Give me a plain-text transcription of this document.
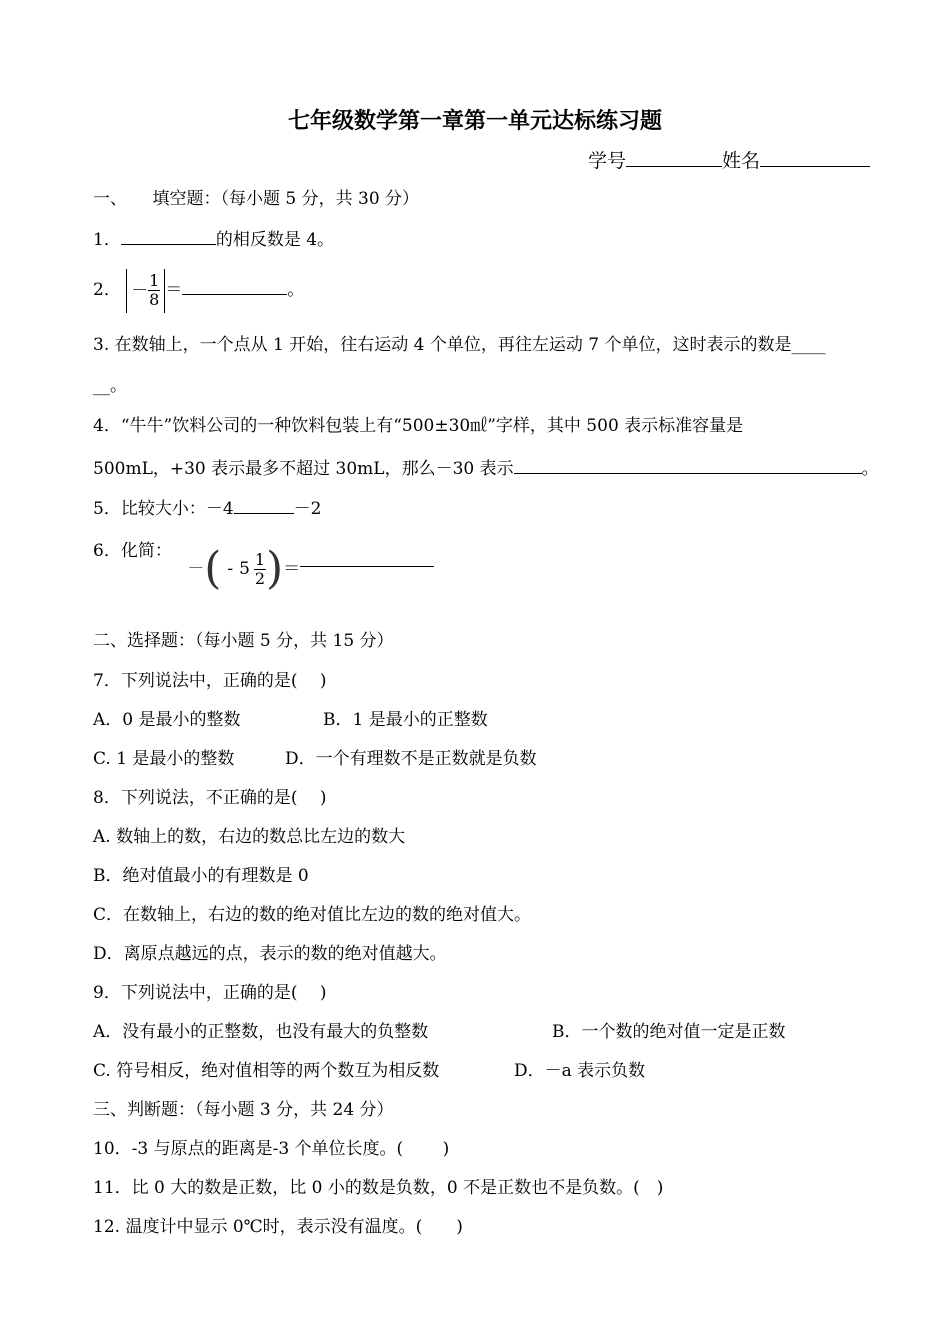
七年级数学第一章第一单元达标练习题
学号	姓名
一、　　填空题：（每小题 5 分，共 30 分）
1．	的相反数是 4。
2． － $\frac{1}{8}$ ＝	。
3. 在数轴上，一个点从 1 开始，往右运动 4 个单位，再往左运动 7 个单位，这时表示的数是____
__。
4．“牛牛”饮料公司的一种饮料包装上有“500±30㎖”字样，其中 500 表示标准容量是
500mL，+30 表示最多不超过 30mL，那么－30 表示	。
5．比较大小：－4	－2
6．化简：
－ ( - $5 \frac{1}{2}$ ) ＝
二、选择题：（每小题 5 分，共 15 分）
7．下列说法中，正确的是(　 )
A．0 是最小的整数	B．1 是最小的正整数
C. 1 是最小的整数	D．一个有理数不是正数就是负数
8．下列说法，不正确的是(　 )
A. 数轴上的数，右边的数总比左边的数大
B．绝对值最小的有理数是 0
C．在数轴上，右边的数的绝对值比左边的数的绝对值大。
D．离原点越远的点，表示的数的绝对值越大。
9．下列说法中，正确的是(　 )
A．没有最小的正整数，也没有最大的负整数	B．一个数的绝对值一定是正数
C. 符号相反，绝对值相等的两个数互为相反数	D．－a 表示负数
三、判断题：（每小题 3 分，共 24 分）
10．-3 与原点的距离是-3 个单位长度。(　　 )
11．比 0 大的数是正数，比 0 小的数是负数，0 不是正数也不是负数。(　)
12. 温度计中显示 0℃时，表示没有温度。(　　)
